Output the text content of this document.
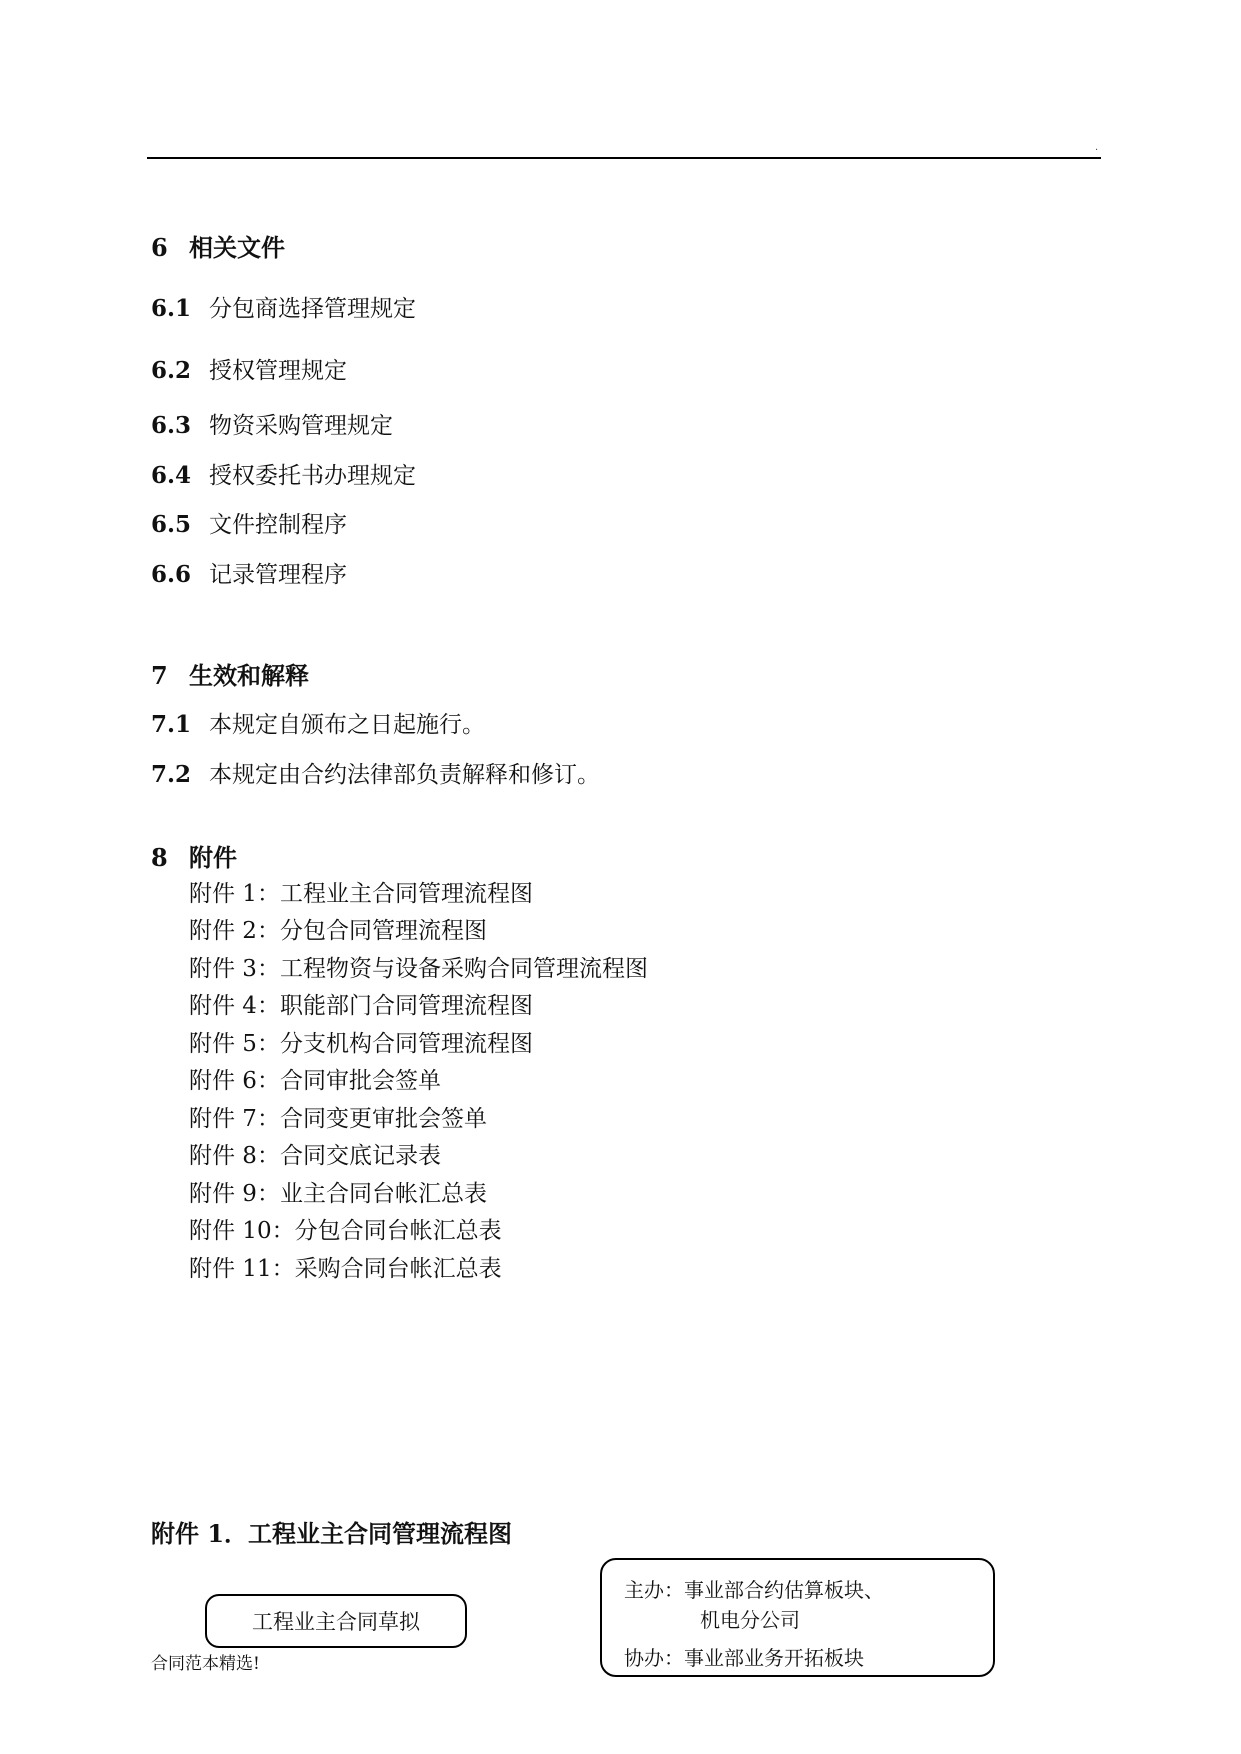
.
6 相关文件
6.1 分包商选择管理规定
6.2 授权管理规定
6.3 物资采购管理规定
6.4 授权委托书办理规定
6.5 文件控制程序
6.6 记录管理程序
7 生效和解释
7.1 本规定自颁布之日起施行。
7.2 本规定由合约法律部负责解释和修订。
8 附件
附件 1：工程业主合同管理流程图
附件 2：分包合同管理流程图
附件 3：工程物资与设备采购合同管理流程图
附件 4：职能部门合同管理流程图
附件 5：分支机构合同管理流程图
附件 6：合同审批会签单
附件 7：合同变更审批会签单
附件 8：合同交底记录表
附件 9：业主合同台帐汇总表
附件 10：分包合同台帐汇总表
附件 11：采购合同台帐汇总表
附件 1．工程业主合同管理流程图
工程业主合同草拟
主办：事业部合约估算板块、
机电分公司
协办：事业部业务开拓板块
合同范本精选!
